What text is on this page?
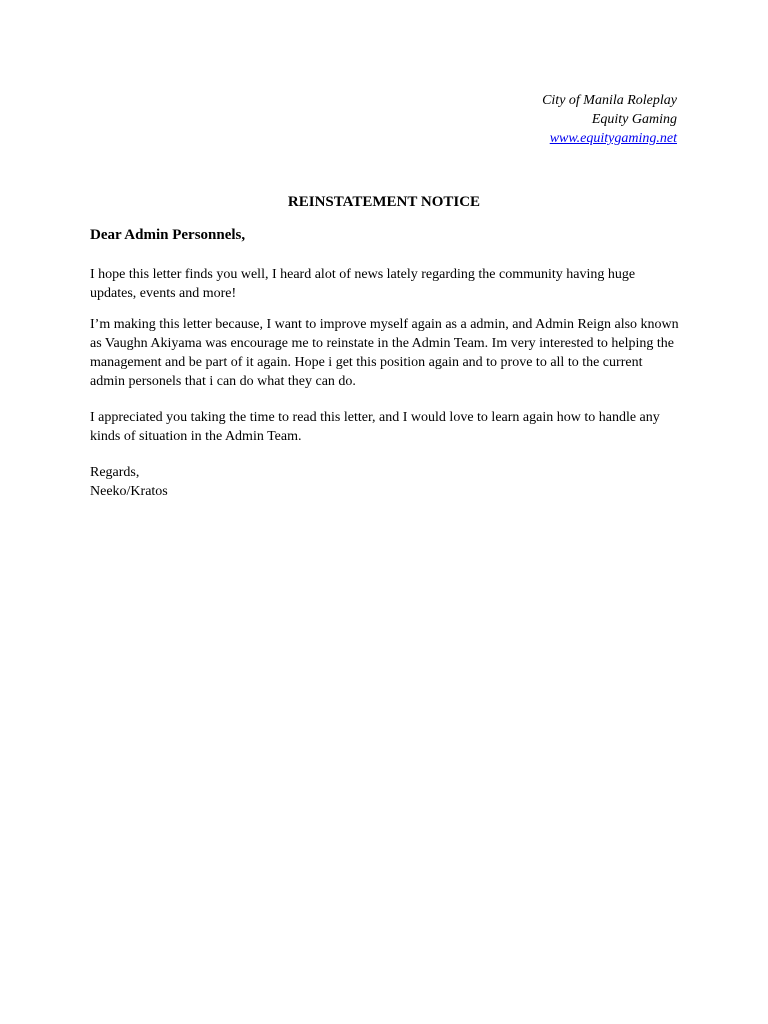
City of Manila Roleplay
Equity Gaming
www.equitygaming.net
REINSTATEMENT NOTICE

Dear Admin Personnels,

I hope this letter finds you well, I heard alot of news lately regarding the community having huge updates, events and more!

I’m making this letter because, I want to improve myself again as a admin, and Admin Reign also known as Vaughn Akiyama was encourage me to reinstate in the Admin Team. Im very interested to helping the management and be part of it again. Hope i get this position again and to prove to all to the current admin personels that i can do what they can do.

I appreciated you taking the time to read this letter, and I would love to learn again how to handle any kinds of situation in the Admin Team.

Regards,

Neeko/Kratos
